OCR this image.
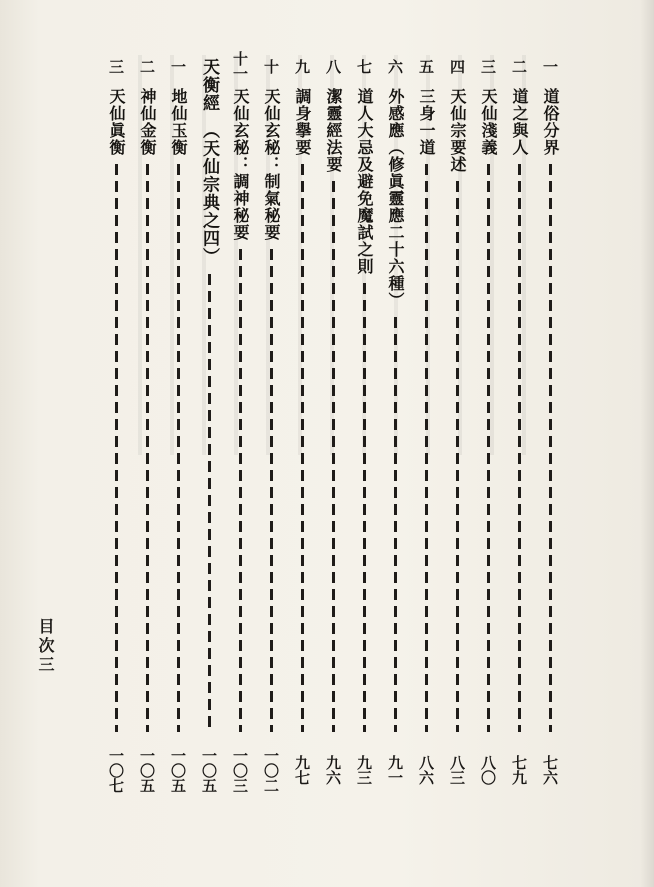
一
道俗分界
七六
二
道之與人
七九
三
天仙淺義
八〇
四
天仙宗要述
八三
五
三身一道
八六
六
外感應（修眞靈應二十六種）
九一
七
道人大忌及避免魔試之則
九三
八
潔靈經法要
九六
九
調身擧要
九七
十
天仙玄秘：制氣秘要
一〇二
十一
天仙玄秘：調神秘要
一〇三
天衡經　（天仙宗典之四）
一〇五
一
地仙玉衡
一〇五
二
神仙金衡
一〇五
三
天仙眞衡
一〇七
目次三
